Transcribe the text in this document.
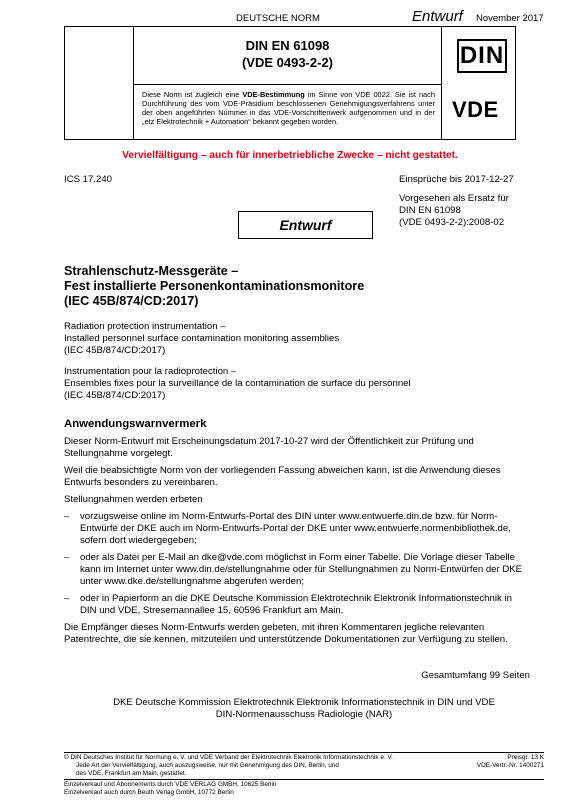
DEUTSCHE NORM	Entwurf November 2017
DIN EN 61098
(VDE 0493-2-2)
Diese Norm ist zugleich eine VDE-Bestimmung im Sinne von VDE 0022. Sie ist nach Durchführung des vom VDE-Präsidium beschlossenen Genehmigungsverfahrens unter der oben angeführten Nummer in das VDE-Vorschriftenwerk aufgenommen und in der „etz Elektrotechnik + Automation“ bekannt gegeben worden.
DIN
VDE
Vervielfältigung – auch für innerbetriebliche Zwecke – nicht gestattet.
ICS 17.240	Einsprüche bis 2017-12-27
Vorgesehen als Ersatz für
DIN EN 61098
(VDE 0493-2-2):2008-02
Entwurf
Strahlenschutz-Messgeräte –
Fest installierte Personenkontaminationsmonitore
(IEC 45B/874/CD:2017)
Radiation protection instrumentation –
Installed personnel surface contamination monitoring assemblies
(IEC 45B/874/CD:2017)
Instrumentation pour la radioprotection –
Ensembles fixes pour la surveillance de la contamination de surface du personnel
(IEC 45B/874/CD:2017)
Anwendungswarnvermerk

Dieser Norm-Entwurf mit Erscheinungsdatum 2017-10-27 wird der Öffentlichkeit zur Prüfung und Stellungnahme vorgelegt.

Weil die beabsichtigte Norm von der vorliegenden Fassung abweichen kann, ist die Anwendung dieses Entwurfs besonders zu vereinbaren.

Stellungnahmen werden erbeten

– vorzugsweise online im Norm-Entwurfs-Portal des DIN unter www.entwuerfe.din.de bzw. für Norm-Entwürfe der DKE auch im Norm-Entwurfs-Portal der DKE unter www.entwuerfe.normenbibliothek.de, sofern dort wiedergegeben;
– oder als Datei per E-Mail an dke@vde.com möglichst in Form einer Tabelle. Die Vorlage dieser Tabelle kann im Internet unter www.din.de/stellungnahme oder für Stellungnahmen zu Norm-Entwürfen der DKE unter www.dke.de/stellungnahme abgerufen werden;
– oder in Papierform an die DKE Deutsche Kommission Elektrotechnik Elektronik Informationstechnik in DIN und VDE, Stresemannallee 15, 60596 Frankfurt am Main.

Die Empfänger dieses Norm-Entwurfs werden gebeten, mit ihren Kommentaren jegliche relevanten Patentrechte, die sie kennen, mitzuteilen und unterstützende Dokumentationen zur Verfügung zu stellen.

Gesamtumfang 99 Seiten
DKE Deutsche Kommission Elektrotechnik Elektronik Informationstechnik in DIN und VDE
DIN-Normenausschuss Radiologie (NAR)
© DIN Deutsches Institut für Normung e. V. und VDE Verband der Elektrotechnik Elektronik Informationstechnik e. V.
Jede Art der Vervielfältigung, auch auszugsweise, nur mit Genehmigung des DIN, Berlin, und
des VDE, Frankfurt am Main, gestattet.
Preisgr. 13 K
VDE-Vertr.-Nr. 1400271
Einzelverkauf und Abonnements durch VDE VERLAG GMBH, 10625 Berlin
Einzelverkauf auch durch Beuth Verlag GmbH, 10772 Berlin
